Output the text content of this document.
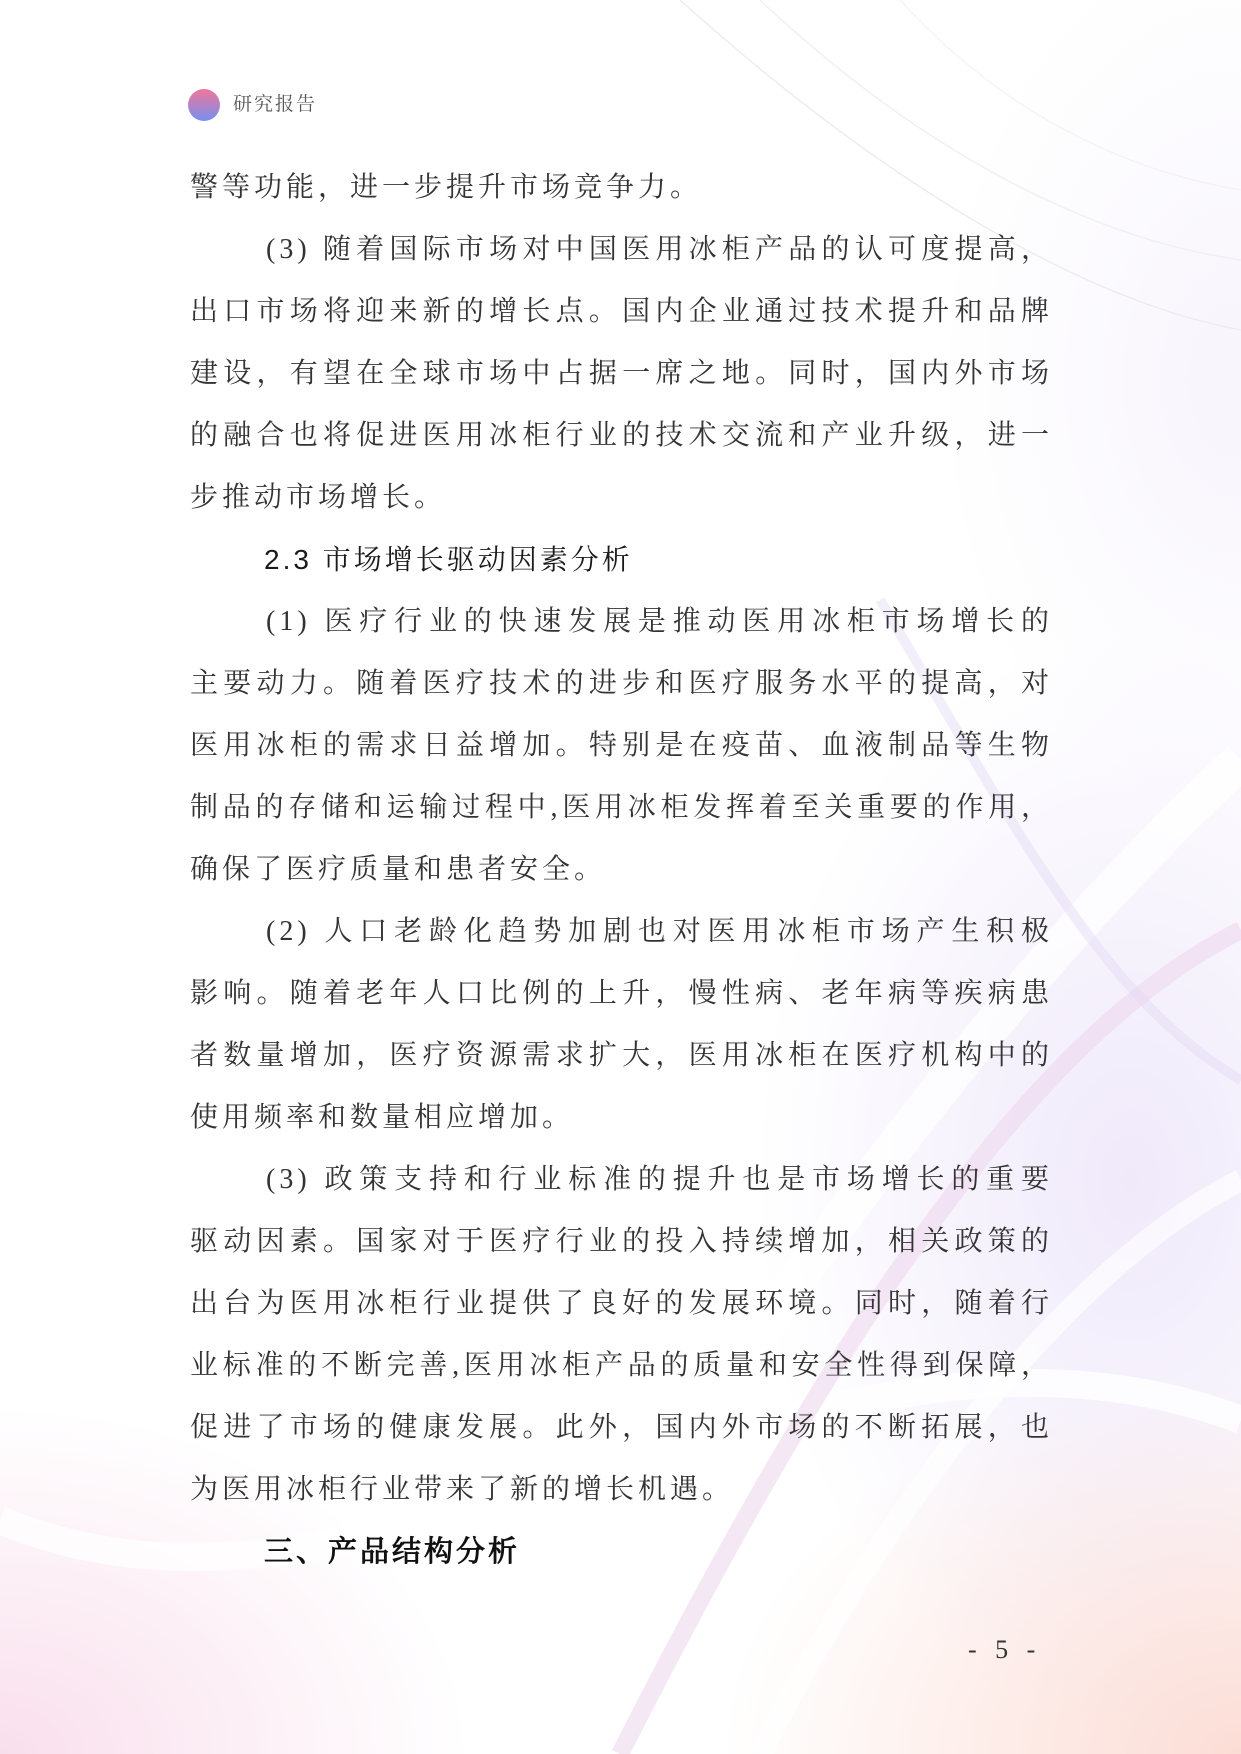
研究报告
警等功能，进一步提升市场竞争力。
(3) 随着国际市场对中国医用冰柜产品的认可度提高，
出口市场将迎来新的增长点。国内企业通过技术提升和品牌
建设，有望在全球市场中占据一席之地。同时，国内外市场
的融合也将促进医用冰柜行业的技术交流和产业升级，进一
步推动市场增长。
2.3 市场增长驱动因素分析
(1) 医疗行业的快速发展是推动医用冰柜市场增长的
主要动力。随着医疗技术的进步和医疗服务水平的提高，对
医用冰柜的需求日益增加。特别是在疫苗、血液制品等生物
制品的存储和运输过程中,医用冰柜发挥着至关重要的作用，
确保了医疗质量和患者安全。
(2) 人口老龄化趋势加剧也对医用冰柜市场产生积极
影响。随着老年人口比例的上升，慢性病、老年病等疾病患
者数量增加，医疗资源需求扩大，医用冰柜在医疗机构中的
使用频率和数量相应增加。
(3) 政策支持和行业标准的提升也是市场增长的重要
驱动因素。国家对于医疗行业的投入持续增加，相关政策的
出台为医用冰柜行业提供了良好的发展环境。同时，随着行
业标准的不断完善,医用冰柜产品的质量和安全性得到保障，
促进了市场的健康发展。此外，国内外市场的不断拓展，也
为医用冰柜行业带来了新的增长机遇。
三、产品结构分析
- 5 -
